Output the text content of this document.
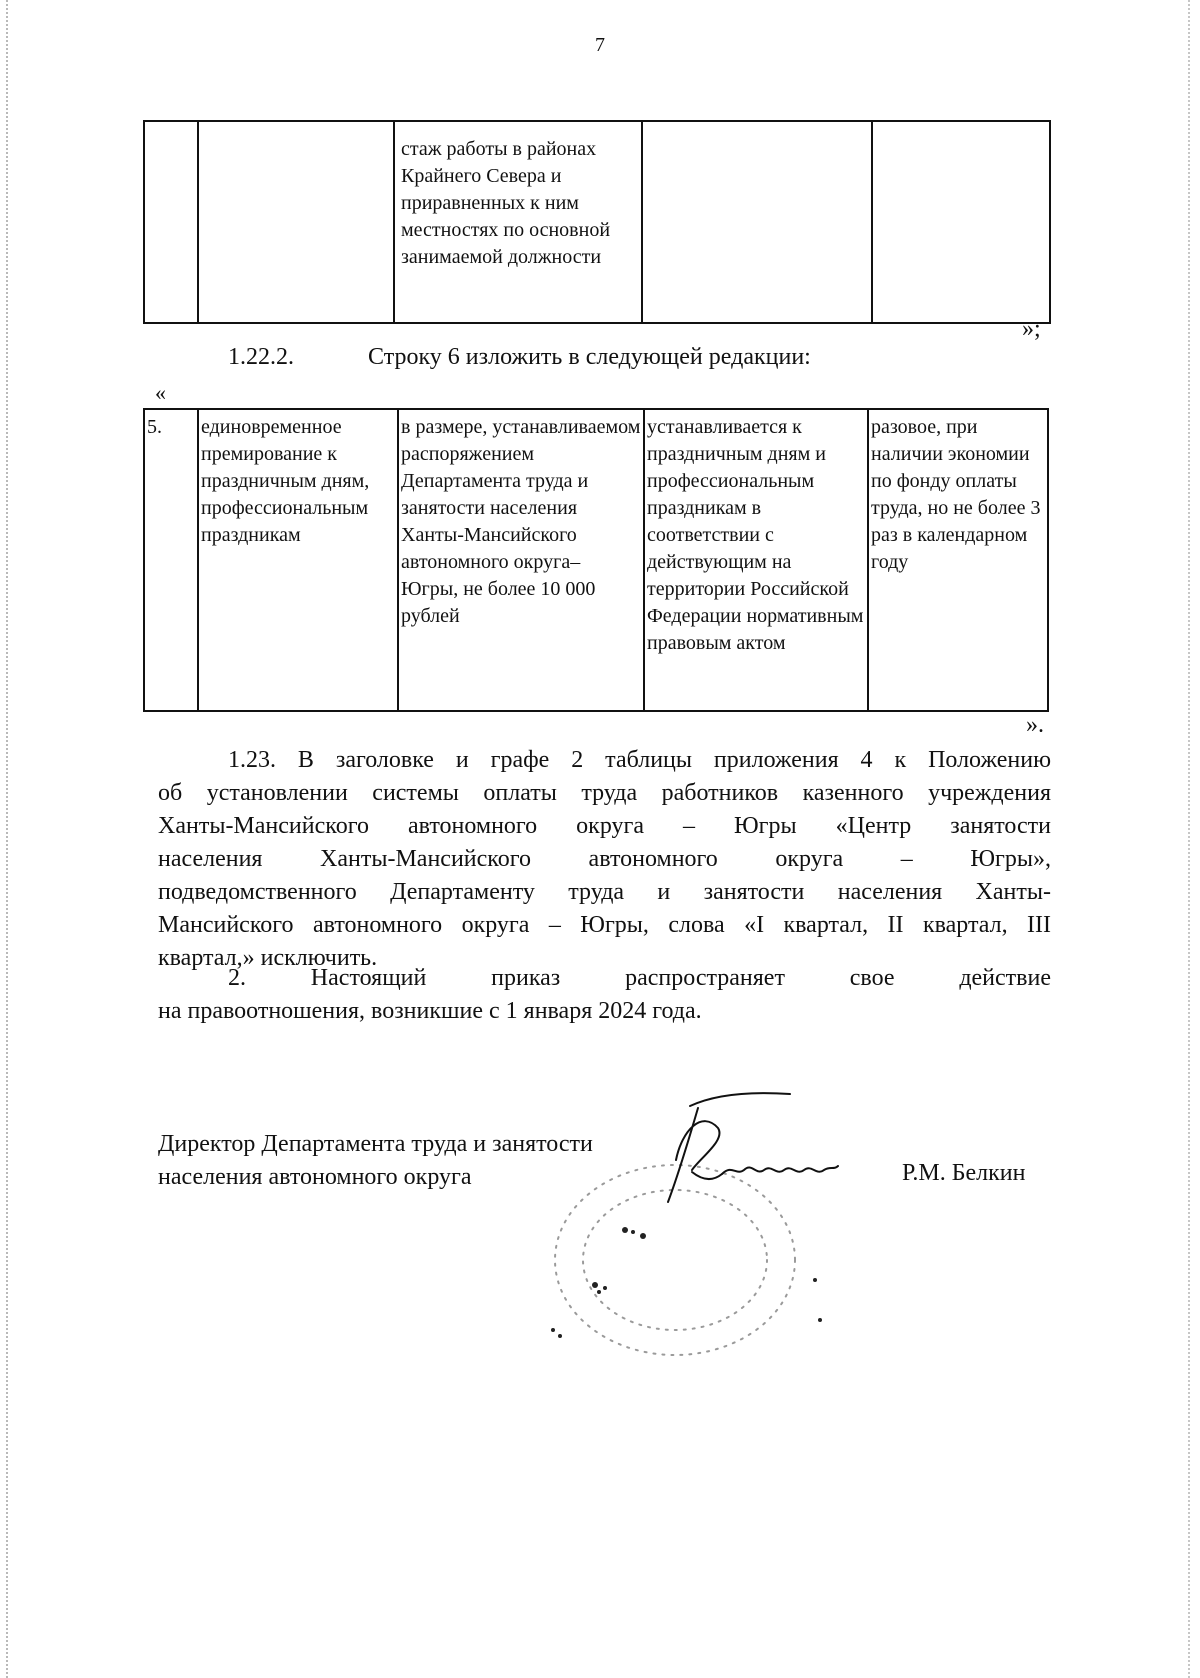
7
		стаж работы в районах Крайнего Севера и приравненных к ним местностях по основной занимаемой должности		
»;
1.22.2.	Строку 6 изложить в следующей редакции:
«
5.	единовременное премирование к праздничным дням, профессиональным праздникам	в размере, устанавливаемом распоряжением Департамента труда и занятости населения Ханты-Мансийского автономного округа– Югры, не более 10 000 рублей	устанавливается к праздничным дням и профессиональным праздникам в соответствии с действующим на территории Российской Федерации нормативным правовым актом	разовое, при наличии экономии по фонду оплаты труда, но не более 3 раз в календарном году
».
1.23. В заголовке и графе 2 таблицы приложения 4 к Положению
об установлении системы оплаты труда работников казенного учреждения
Ханты-Мансийского автономного округа – Югры «Центр занятости
населения Ханты-Мансийского автономного округа – Югры»,
подведомственного Департаменту труда и занятости населения Ханты-
Мансийского автономного округа – Югры, слова «I квартал, II квартал, III
квартал,» исключить.
2. Настоящий приказ распространяет свое действие
на правоотношения, возникшие с 1 января 2024 года.
Директор Департамента труда и занятости
населения автономного округа	Р.М. Белкин
